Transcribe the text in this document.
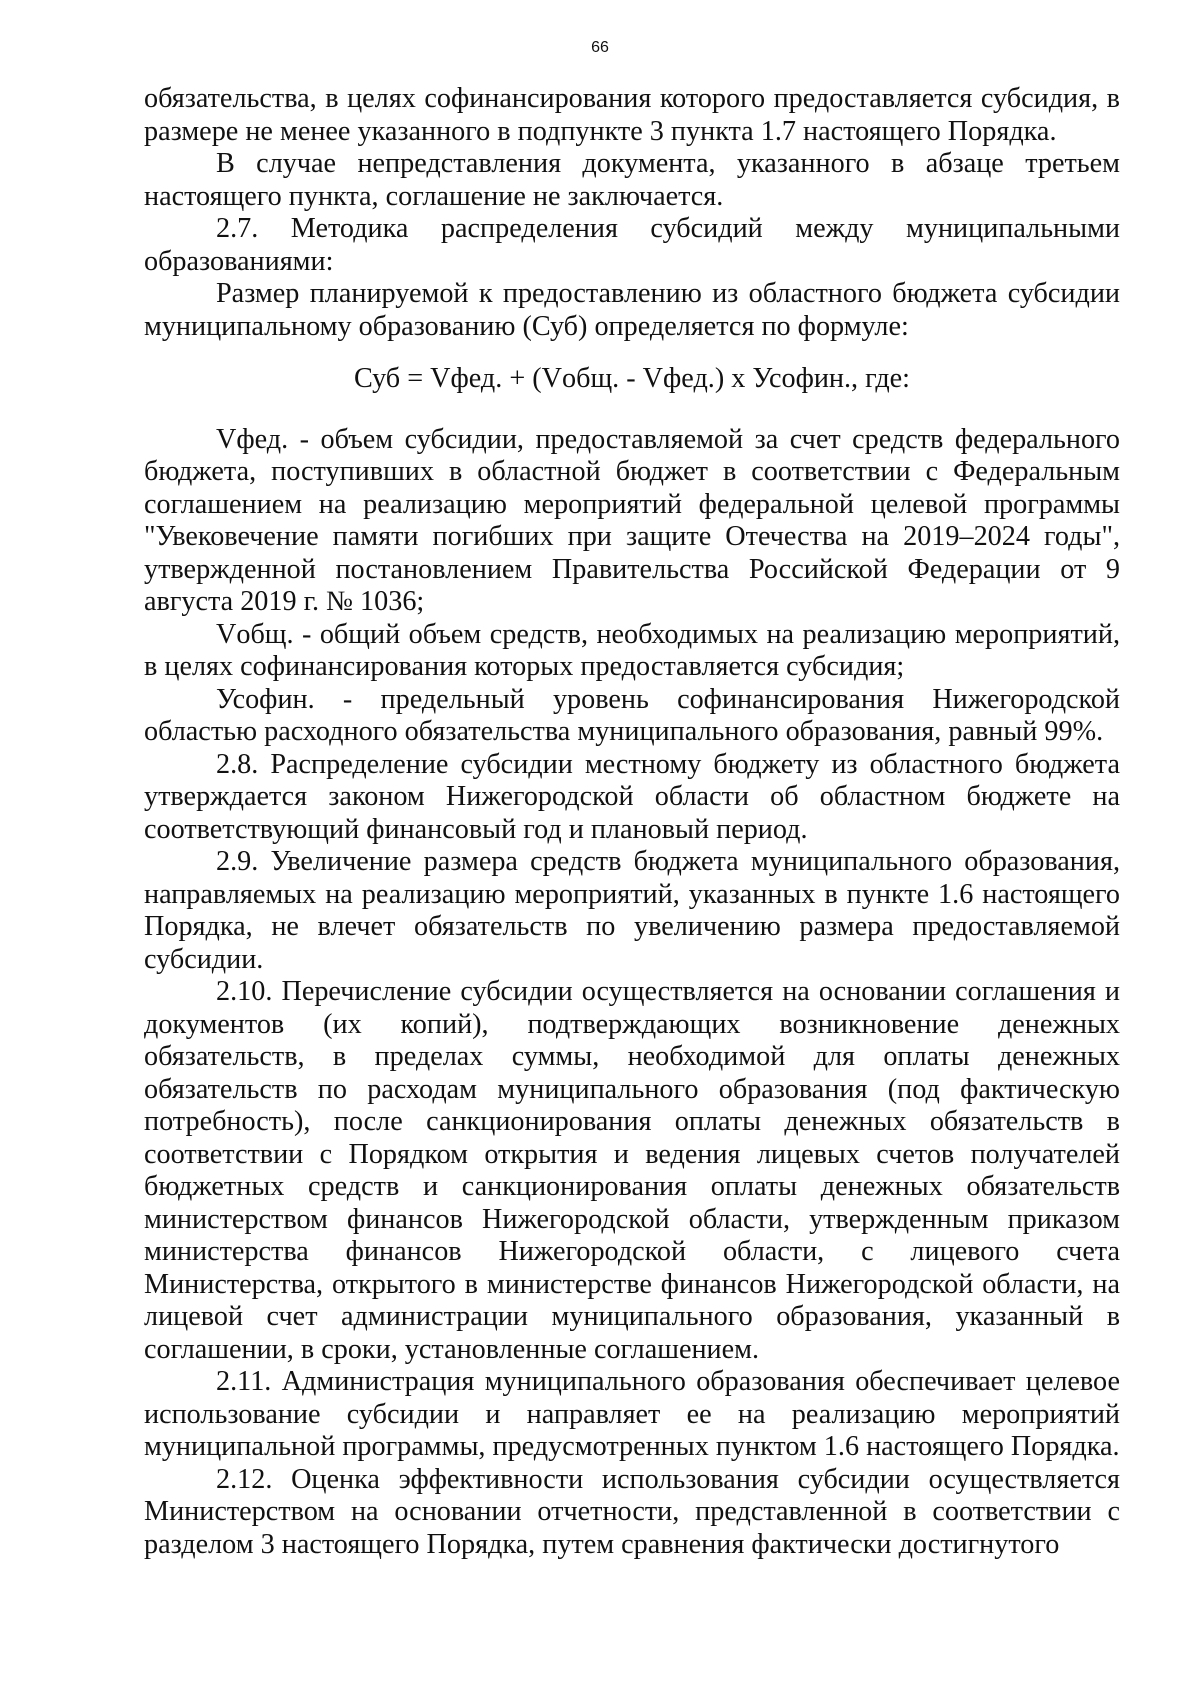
66

обязательства, в целях софинансирования которого предоставляется субсидия, в размере не менее указанного в подпункте 3 пункта 1.7 настоящего Порядка.

В случае непредставления документа, указанного в абзаце третьем настоящего пункта, соглашение не заключается.

2.7. Методика распределения субсидий между муниципальными образованиями:

Размер планируемой к предоставлению из областного бюджета субсидии муниципальному образованию (Суб) определяется по формуле:

Суб = Vфед. + (Vобщ. - Vфед.) x Усофин., где:

Vфед. - объем субсидии, предоставляемой за счет средств федерального бюджета, поступивших в областной бюджет в соответствии с Федеральным соглашением на реализацию мероприятий федеральной целевой программы "Увековечение памяти погибших при защите Отечества на 2019–2024 годы", утвержденной постановлением Правительства Российской Федерации от 9 августа 2019 г. № 1036;

Vобщ. - общий объем средств, необходимых на реализацию мероприятий, в целях софинансирования которых предоставляется субсидия;

Усофин. - предельный уровень софинансирования Нижегородской областью расходного обязательства муниципального образования, равный 99%.

2.8. Распределение субсидии местному бюджету из областного бюджета утверждается законом Нижегородской области об областном бюджете на соответствующий финансовый год и плановый период.

2.9. Увеличение размера средств бюджета муниципального образования, направляемых на реализацию мероприятий, указанных в пункте 1.6 настоящего Порядка, не влечет обязательств по увеличению размера предоставляемой субсидии.

2.10. Перечисление субсидии осуществляется на основании соглашения и документов (их копий), подтверждающих возникновение денежных обязательств, в пределах суммы, необходимой для оплаты денежных обязательств по расходам муниципального образования (под фактическую потребность), после санкционирования оплаты денежных обязательств в соответствии с Порядком открытия и ведения лицевых счетов получателей бюджетных средств и санкционирования оплаты денежных обязательств министерством финансов Нижегородской области, утвержденным приказом министерства финансов Нижегородской области, с лицевого счета Министерства, открытого в министерстве финансов Нижегородской области, на лицевой счет администрации муниципального образования, указанный в соглашении, в сроки, установленные соглашением.

2.11. Администрация муниципального образования обеспечивает целевое использование субсидии и направляет ее на реализацию мероприятий муниципальной программы, предусмотренных пунктом 1.6 настоящего Порядка.

2.12. Оценка эффективности использования субсидии осуществляется Министерством на основании отчетности, представленной в соответствии с разделом 3 настоящего Порядка, путем сравнения фактически достигнутого
